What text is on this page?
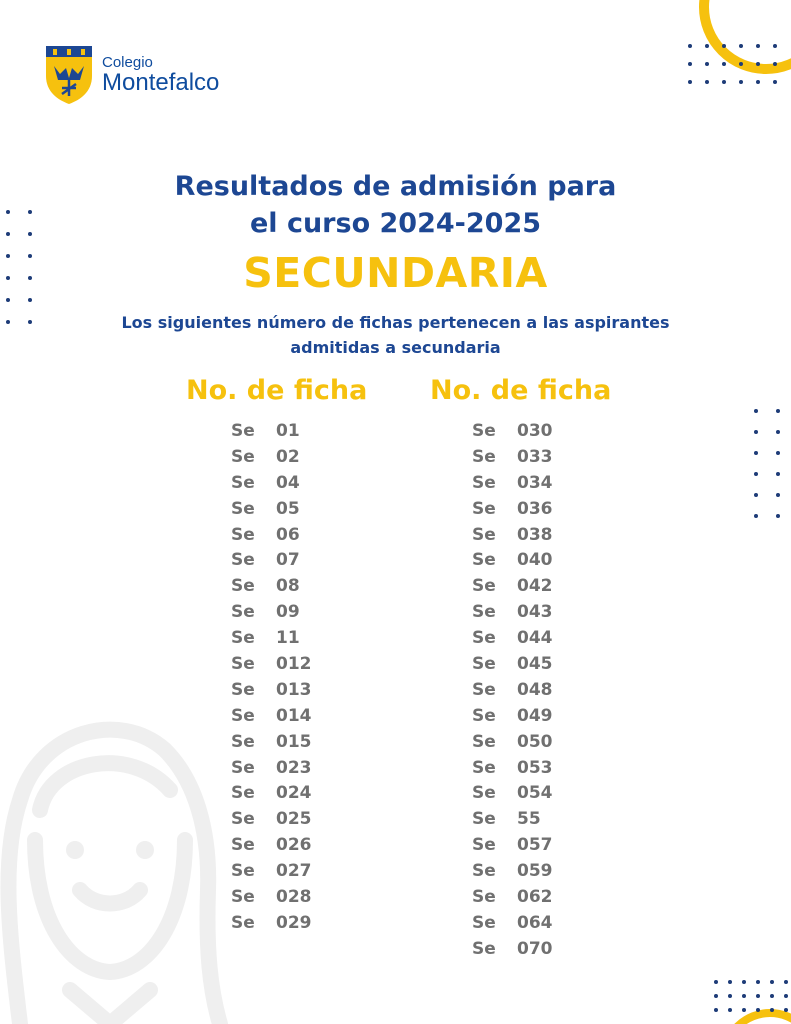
Colegio
Montefalco
Resultados de admisión para
el curso 2024-2025
SECUNDARIA

Los siguientes número de fichas pertenecen a las aspirantes
admitidas a secundaria

No. de ficha
Se	01
Se	02
Se	04
Se	05
Se	06
Se	07
Se	08
Se	09
Se	11
Se	012
Se	013
Se	014
Se	015
Se	023
Se	024
Se	025
Se	026
Se	027
Se	028
Se	029
No. de ficha
Se	030
Se	033
Se	034
Se	036
Se	038
Se	040
Se	042
Se	043
Se	044
Se	045
Se	048
Se	049
Se	050
Se	053
Se	054
Se	55
Se	057
Se	059
Se	062
Se	064
Se	070
